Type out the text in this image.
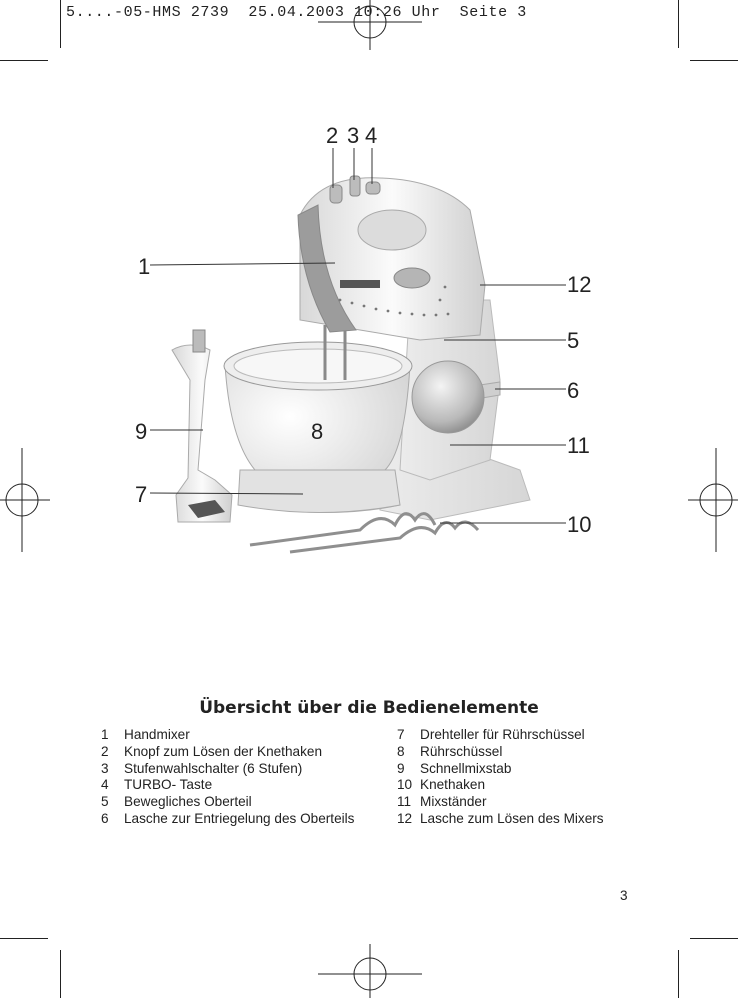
5....-05-HMS 2739  25.04.2003 10:26 Uhr  Seite 3
1
2 3 4
12
5
6
9	8
11
7
10
Übersicht über die Bedienelemente
1 Handmixer
2 Knopf zum Lösen der Knethaken
3 Stufenwahlschalter (6 Stufen)
4 TURBO- Taste
5 Bewegliches Oberteil
6 Lasche zur Entriegelung des Oberteils
7 Drehteller für Rührschüssel
8 Rührschüssel
9 Schnellmixstab
10 Knethaken
11 Mixständer
12 Lasche zum Lösen des Mixers
3
